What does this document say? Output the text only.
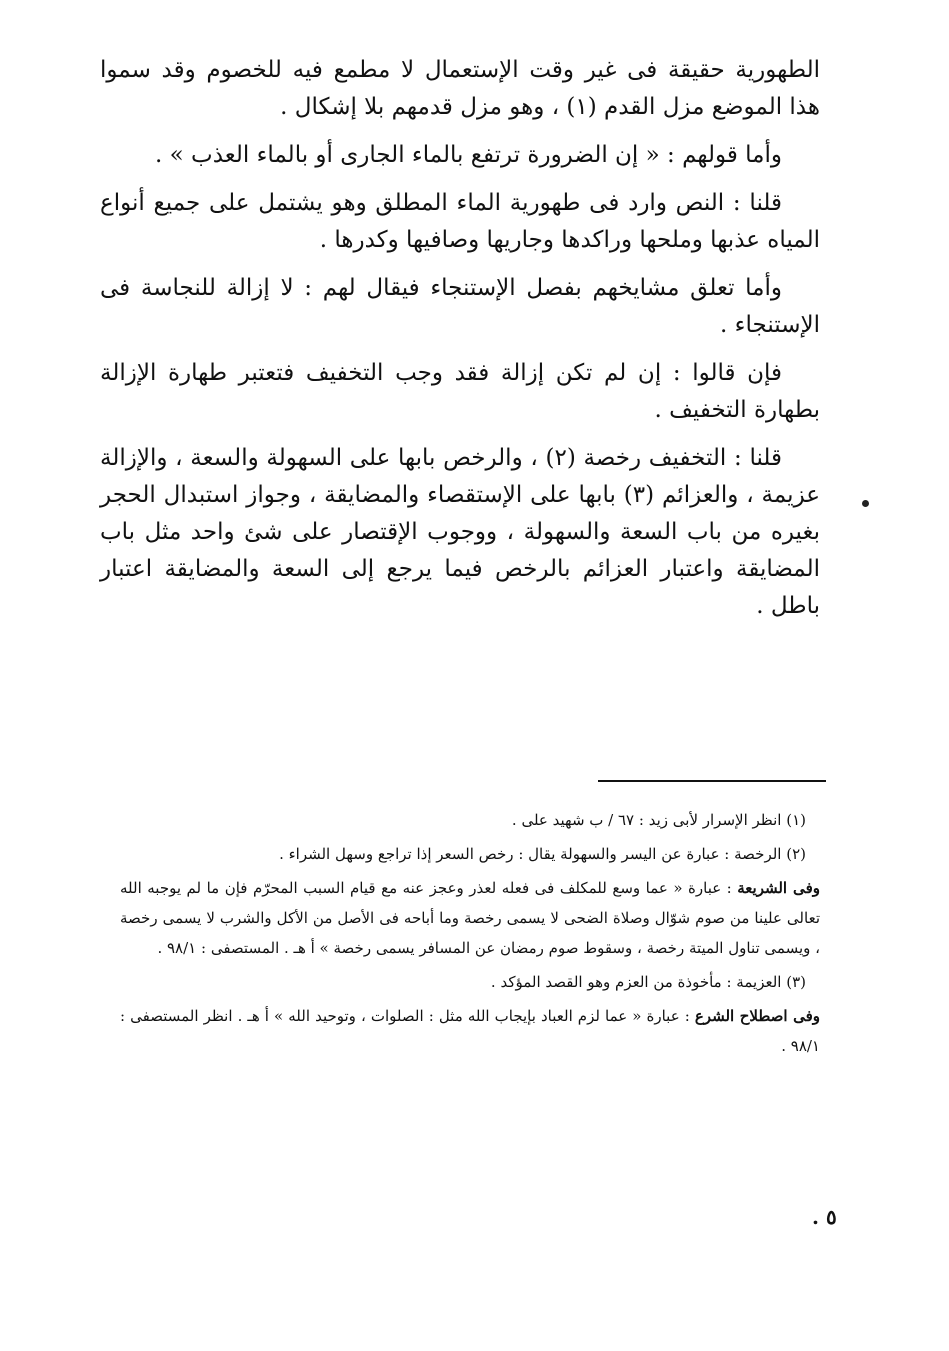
الطهورية حقيقة فى غير وقت الإستعمال لا مطمع فيه للخصوم وقد سموا هذا الموضع مزل القدم (١) ، وهو مزل قدمهم بلا إشكال .

وأما قولهم : « إن الضرورة ترتفع بالماء الجارى أو بالماء العذب » .

قلنا : النص وارد فى طهورية الماء المطلق وهو يشتمل على جميع أنواع المياه عذبها وملحها وراكدها وجاريها وصافيها وكدرها .

وأما تعلق مشايخهم بفصل الإستنجاء فيقال لهم : لا إزالة للنجاسة فى الإستنجاء .

فإن قالوا : إن لم تكن إزالة فقد وجب التخفيف فتعتبر طهارة الإزالة بطهارة التخفيف .

قلنا : التخفيف رخصة (٢) ، والرخص بابها على السهولة والسعة ، والإزالة عزيمة ، والعزائم (٣) بابها على الإستقصاء والمضايقة ، وجواز استبدال الحجر بغيره من باب السعة والسهولة ، ووجوب الإقتصار على شئ واحد مثل باب المضايقة واعتبار العزائم بالرخص فيما يرجع إلى السعة والمضايقة اعتبار باطل .

(١) انظر الإسرار لأبى زيد : ٦٧ / ب شهيد على .

(٢) الرخصة : عبارة عن اليسر والسهولة يقال : رخص السعر إذا تراجع وسهل الشراء .

وفى الشريعة : عبارة « عما وسع للمكلف فى فعله لعذر وعجز عنه مع قيام السبب المحرّم فإن ما لم يوجبه الله تعالى علينا من صوم شوّال وصلاة الضحى لا يسمى رخصة وما أباحه فى الأصل من الأكل والشرب لا يسمى رخصة ، ويسمى تناول الميتة رخصة ، وسقوط صوم رمضان عن المسافر يسمى رخصة » أ هـ . المستصفى : ٩٨/١ .

(٣) العزيمة : مأخوذة من العزم وهو القصد المؤكد .

وفى اصطلاح الشرع : عبارة « عما لزم العباد بإيجاب الله مثل : الصلوات ، وتوحيد الله » أ هـ . انظر المستصفى : ٩٨/١ .

٥ .
